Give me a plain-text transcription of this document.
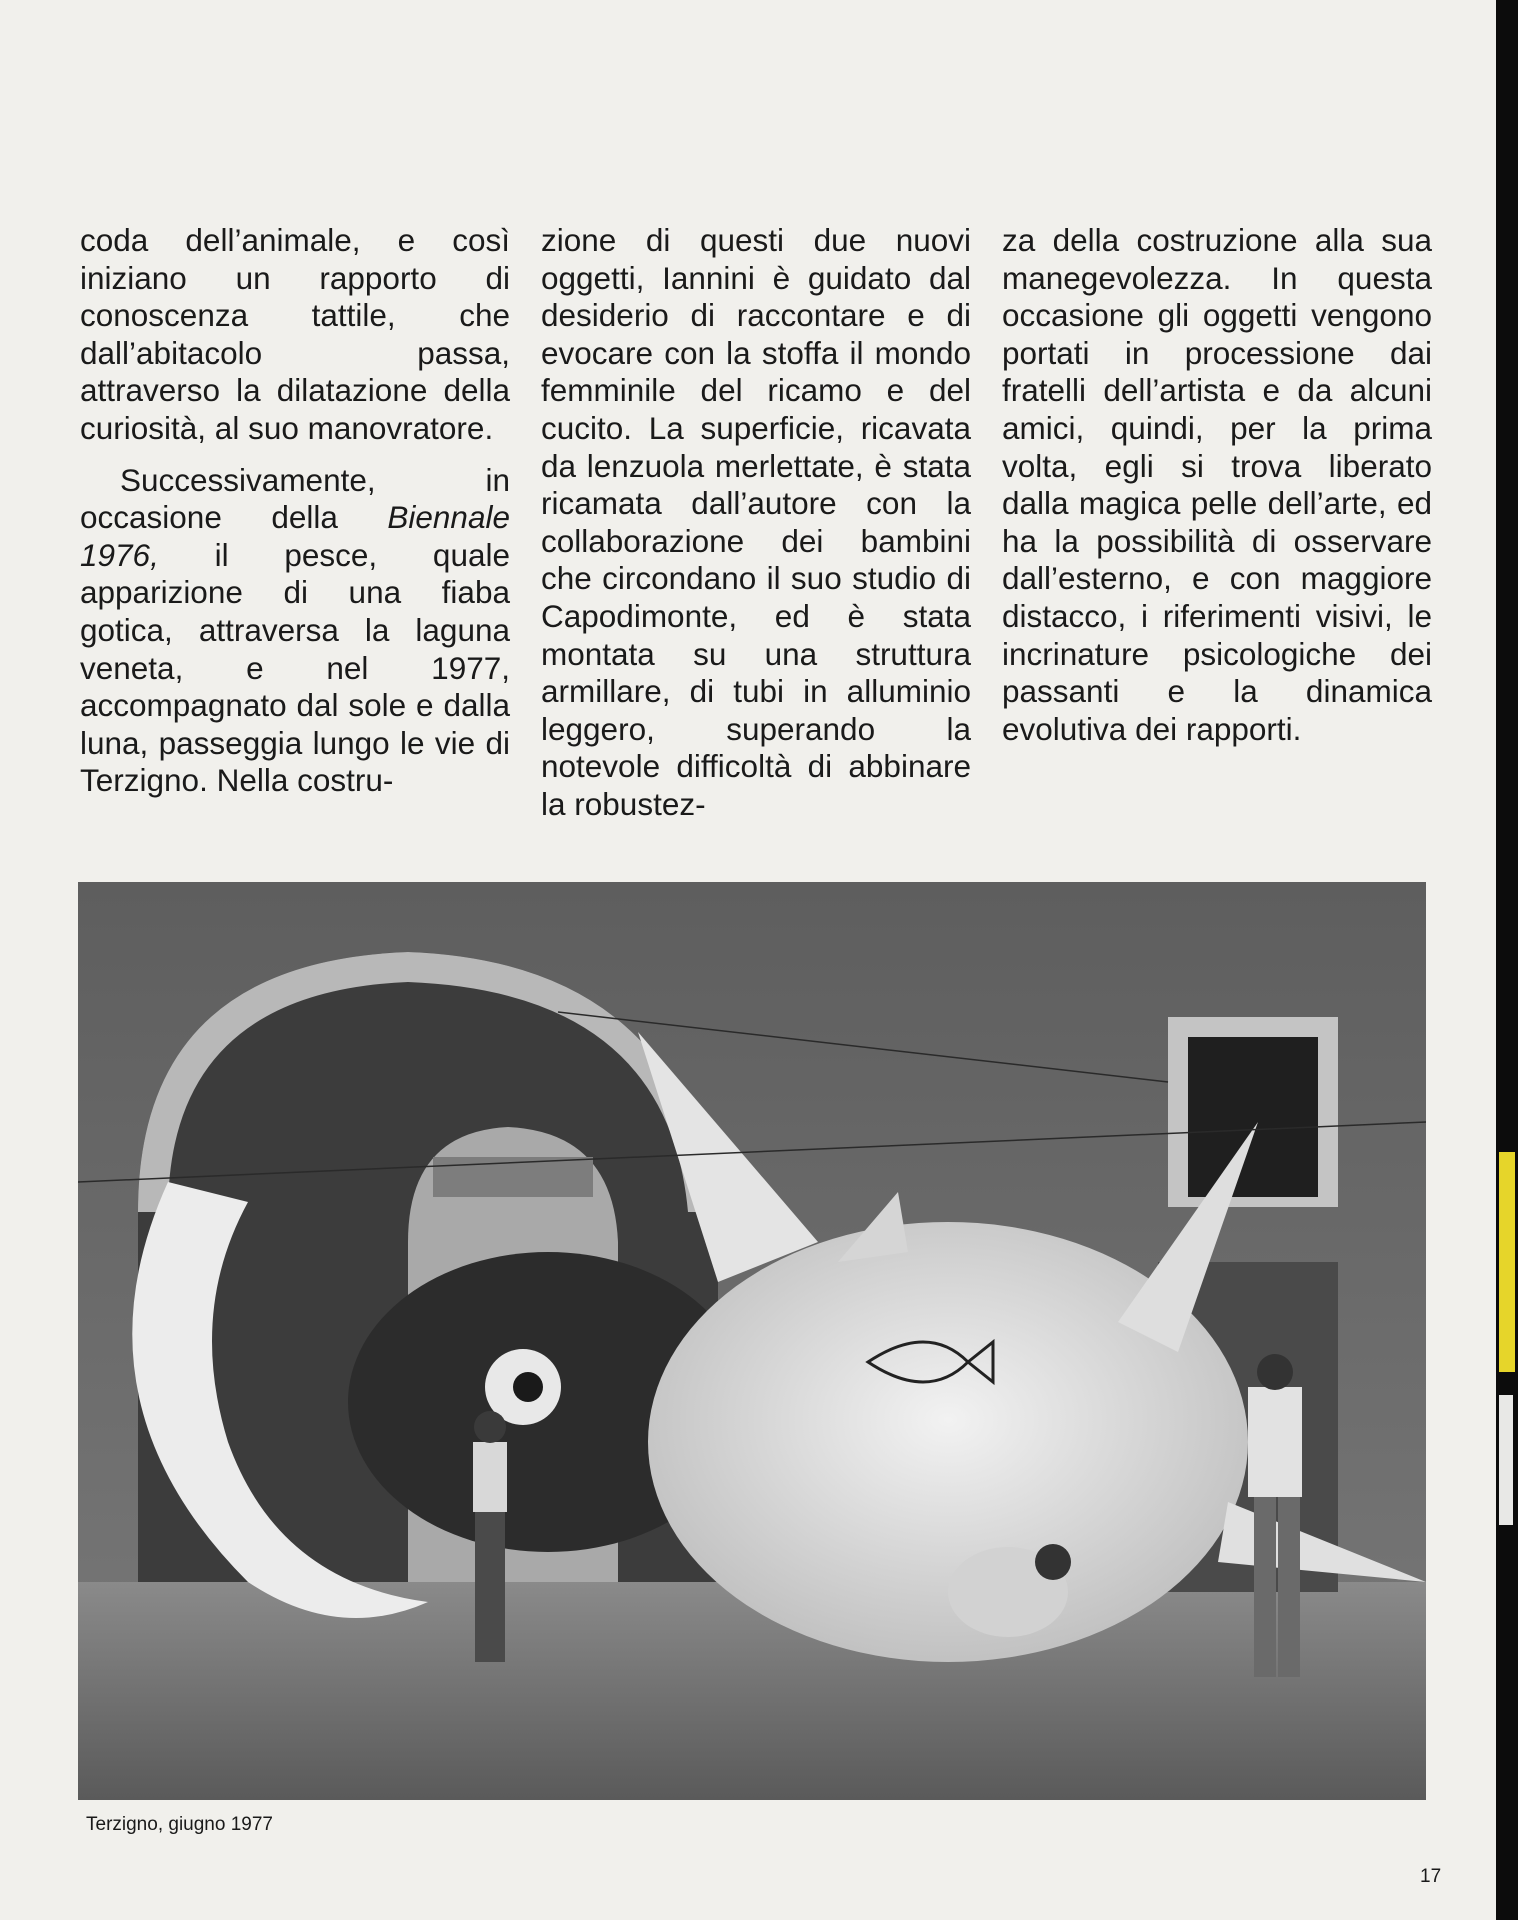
coda dell’animale, e così iniziano un rapporto di conoscenza tattile, che dall’abitacolo passa, attraverso la dilatazione della curiosità, al suo manovratore.

Successivamente, in occasione della Biennale 1976, il pesce, quale apparizione di una fiaba gotica, attraversa la laguna veneta, e nel 1977, accompagnato dal sole e dalla luna, passeggia lungo le vie di Terzigno. Nella costru-

zione di questi due nuovi oggetti, Iannini è guidato dal desiderio di raccontare e di evocare con la stoffa il mondo femminile del ricamo e del cucito. La superficie, ricavata da lenzuola merlettate, è stata ricamata dall’autore con la collaborazione dei bambini che circondano il suo studio di Capodimonte, ed è stata montata su una struttura armillare, di tubi in alluminio leggero, superando la notevole difficoltà di abbinare la robustez-

za della costruzione alla sua manegevolezza. In questa occasione gli oggetti vengono portati in processione dai fratelli dell’artista e da alcuni amici, quindi, per la prima volta, egli si trova liberato dalla magica pelle dell’arte, ed ha la possibilità di osservare dall’esterno, e con maggiore distacco, i riferimenti visivi, le incrinature psicologiche dei passanti e la dinamica evolutiva dei rapporti.

Terzigno, giugno 1977
17
